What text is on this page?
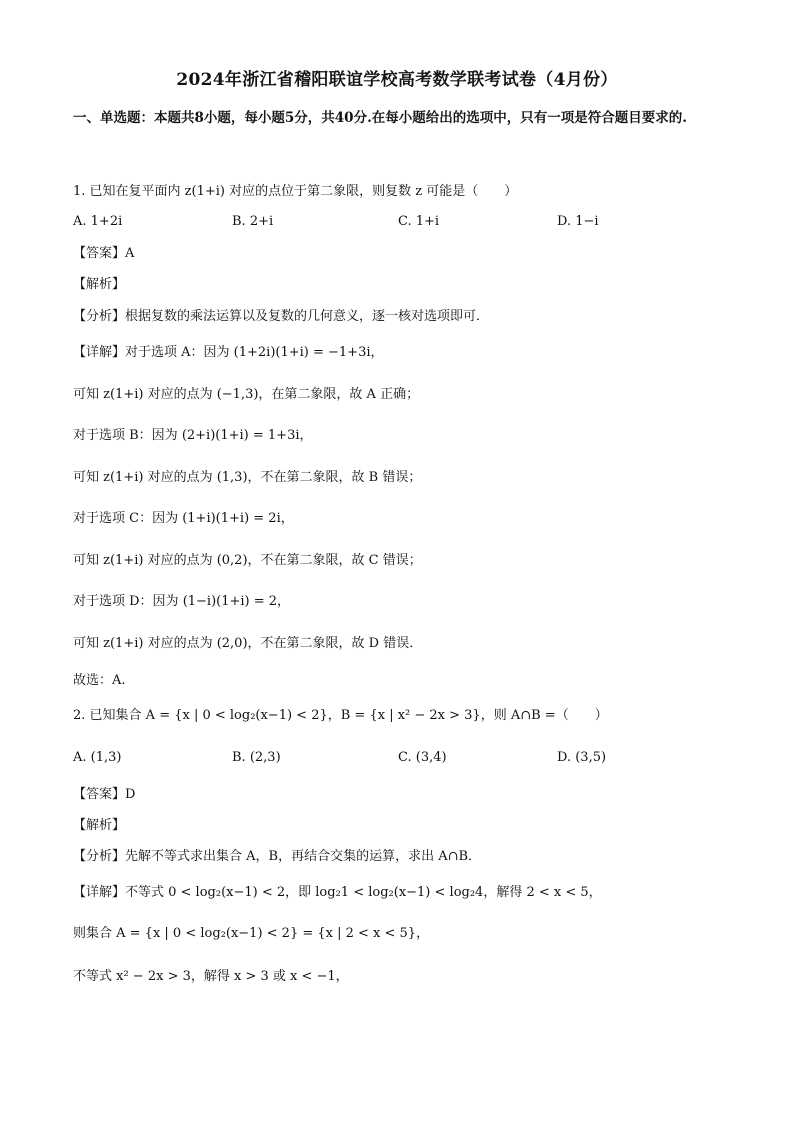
2024年浙江省稽阳联谊学校高考数学联考试卷（4月份）
一、单选题：本题共8小题，每小题5分，共40分.在每小题给出的选项中，只有一项是符合题目要求的.
1. 已知在复平面内 z(1+i) 对应的点位于第二象限，则复数 z 可能是（　　）
A. 1+2i	B. 2+i	C. 1+i	D. 1−i
【答案】A
【解析】
【分析】根据复数的乘法运算以及复数的几何意义，逐一核对选项即可．
【详解】对于选项 A：因为 (1+2i)(1+i) = −1+3i，
可知 z(1+i) 对应的点为 (−1,3)，在第二象限，故 A 正确；
对于选项 B：因为 (2+i)(1+i) = 1+3i，
可知 z(1+i) 对应的点为 (1,3)，不在第二象限，故 B 错误；
对于选项 C：因为 (1+i)(1+i) = 2i，
可知 z(1+i) 对应的点为 (0,2)，不在第二象限，故 C 错误；
对于选项 D：因为 (1−i)(1+i) = 2，
可知 z(1+i) 对应的点为 (2,0)，不在第二象限，故 D 错误．
故选：A.
2. 已知集合 A = {x | 0 < log₂(x−1) < 2}，B = {x | x² − 2x > 3}，则 A∩B =（　　）
A. (1,3)	B. (2,3)	C. (3,4)	D. (3,5)
【答案】D
【解析】
【分析】先解不等式求出集合 A，B，再结合交集的运算，求出 A∩B．
【详解】不等式 0 < log₂(x−1) < 2，即 log₂1 < log₂(x−1) < log₂4，解得 2 < x < 5，
则集合 A = {x | 0 < log₂(x−1) < 2} = {x | 2 < x < 5}，
不等式 x² − 2x > 3，解得 x > 3 或 x < −1，
